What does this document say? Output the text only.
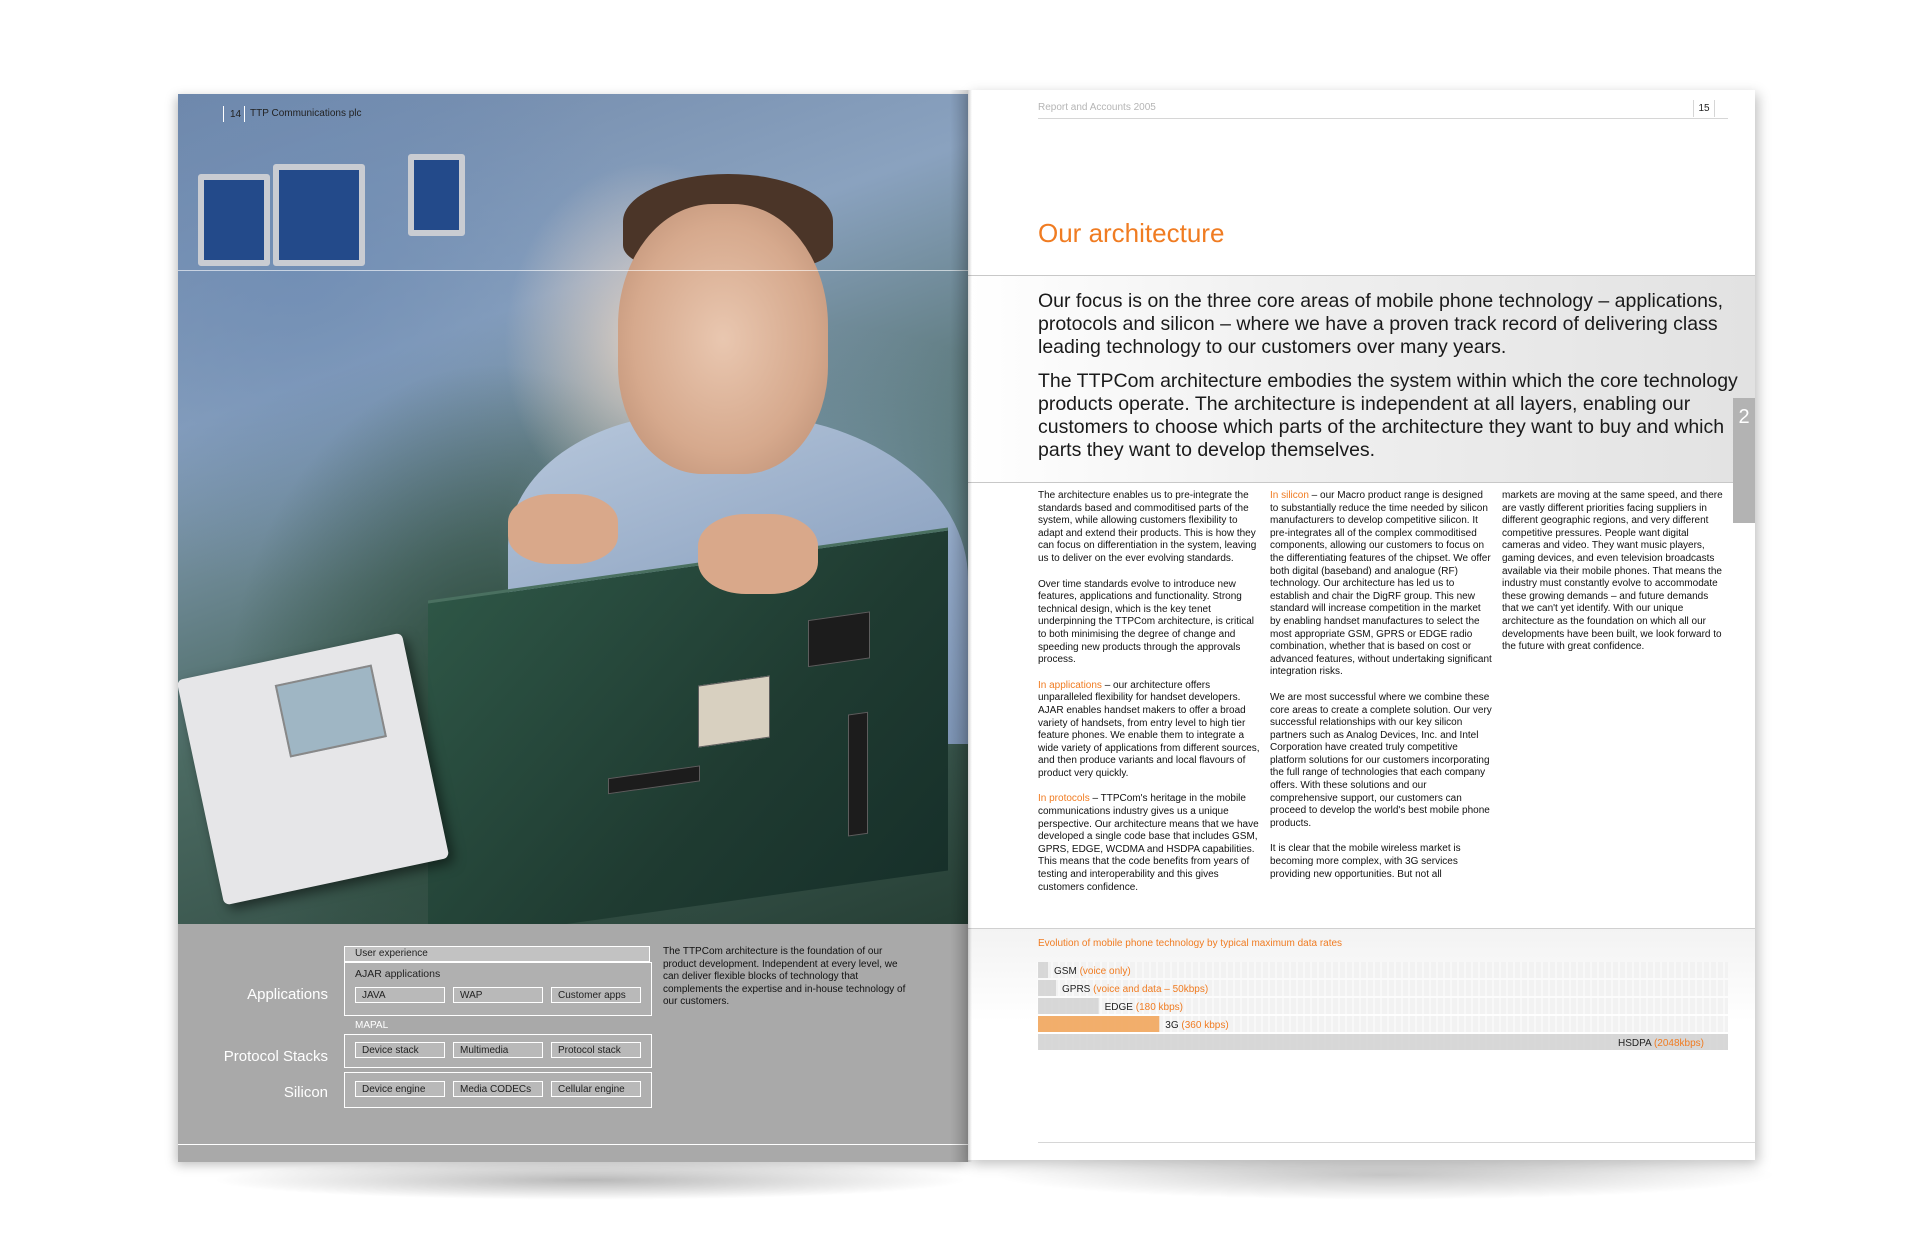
14 TTP Communications plc
Applications
Protocol Stacks
Silicon
User experience
AJAR applications
JAVA	WAP	Customer apps
MAPAL
Device stack	Multimedia	Protocol stack
Device engine	Media CODECs	Cellular engine
The TTPCom architecture is the foundation of our product development. Independent at every level, we can deliver flexible blocks of technology that complements the expertise and in-house technology of our customers.
Report and Accounts 2005	15
Our architecture

Our focus is on the three core areas of mobile phone technology – applications, protocols and silicon – where we have a proven track record of delivering class leading technology to our customers over many years.

The TTPCom architecture embodies the system within which the core technology products operate. The architecture is independent at all layers, enabling our customers to choose which parts of the architecture they want to buy and which parts they want to develop themselves.

2

The architecture enables us to pre-integrate the standards based and commoditised parts of the system, while allowing customers flexibility to adapt and extend their products. This is how they can focus on differentiation in the system, leaving us to deliver on the ever evolving standards.

Over time standards evolve to introduce new features, applications and functionality. Strong technical design, which is the key tenet underpinning the TTPCom architecture, is critical to both minimising the degree of change and speeding new products through the approvals process.

In applications – our architecture offers unparalleled flexibility for handset developers. AJAR enables handset makers to offer a broad variety of handsets, from entry level to high tier feature phones. We enable them to integrate a wide variety of applications from different sources, and then produce variants and local flavours of product very quickly.

In protocols – TTPCom's heritage in the mobile communications industry gives us a unique perspective. Our architecture means that we have developed a single code base that includes GSM, GPRS, EDGE, WCDMA and HSDPA capabilities. This means that the code benefits from years of testing and interoperability and this gives customers confidence.

In silicon – our Macro product range is designed to substantially reduce the time needed by silicon manufacturers to develop competitive silicon. It pre-integrates all of the complex commoditised components, allowing our customers to focus on the differentiating features of the chipset. We offer both digital (baseband) and analogue (RF) technology. Our architecture has led us to establish and chair the DigRF group. This new standard will increase competition in the market by enabling handset manufactures to select the most appropriate GSM, GPRS or EDGE radio combination, whether that is based on cost or advanced features, without undertaking significant integration risks.

We are most successful where we combine these core areas to create a complete solution. Our very successful relationships with our key silicon partners such as Analog Devices, Inc. and Intel Corporation have created truly competitive platform solutions for our customers incorporating the full range of technologies that each company offers. With these solutions and our comprehensive support, our customers can proceed to develop the world's best mobile phone products.

It is clear that the mobile wireless market is becoming more complex, with 3G services providing new opportunities. But not all

markets are moving at the same speed, and there are vastly different priorities facing suppliers in different geographic regions, and very different competitive pressures. People want digital cameras and video. They want music players, gaming devices, and even television broadcasts available via their mobile phones. That means the industry must constantly evolve to accommodate these growing demands – and future demands that we can't yet identify. With our unique architecture as the foundation on which all our developments have been built, we look forward to the future with great confidence.

Evolution of mobile phone technology by typical maximum data rates
GSM (voice only)
GPRS (voice and data – 50kbps)
EDGE (180 kbps)
3G (360 kbps)
HSDPA (2048kbps)
